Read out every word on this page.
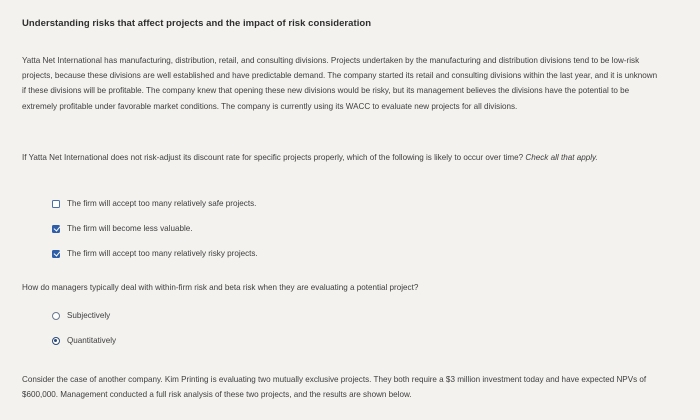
Understanding risks that affect projects and the impact of risk consideration

Yatta Net International has manufacturing, distribution, retail, and consulting divisions. Projects undertaken by the manufacturing and distribution divisions tend to be low-risk projects, because these divisions are well established and have predictable demand. The company started its retail and consulting divisions within the last year, and it is unknown if these divisions will be profitable. The company knew that opening these new divisions would be risky, but its management believes the divisions have the potential to be extremely profitable under favorable market conditions. The company is currently using its WACC to evaluate new projects for all divisions.

If Yatta Net International does not risk-adjust its discount rate for specific projects properly, which of the following is likely to occur over time? Check all that apply.

The firm will accept too many relatively safe projects.
The firm will become less valuable.
The firm will accept too many relatively risky projects.

How do managers typically deal with within-firm risk and beta risk when they are evaluating a potential project?

Subjectively
Quantitatively

Consider the case of another company. Kim Printing is evaluating two mutually exclusive projects. They both require a $3 million investment today and have expected NPVs of $600,000. Management conducted a full risk analysis of these two projects, and the results are shown below.
